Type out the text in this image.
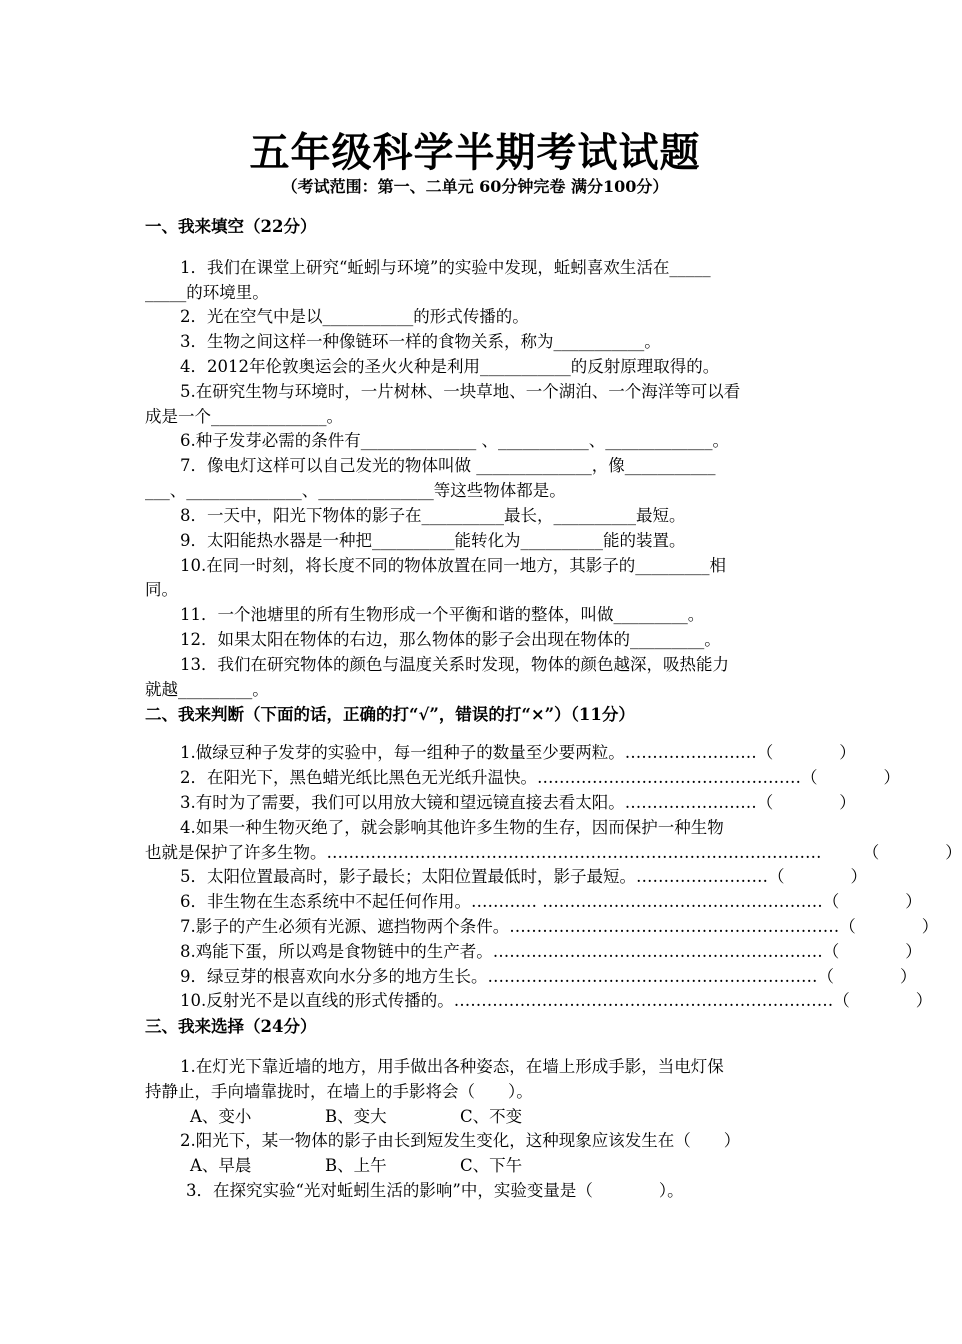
五年级科学半期考试试题
（考试范围：第一、二单元 60分钟完卷 满分100分）
一、我来填空（22分）
1．我们在课堂上研究“蚯蚓与环境”的实验中发现，蚯蚓喜欢生活在_____
_____的环境里。
2．光在空气中是以___________的形式传播的。
3．生物之间这样一种像链环一样的食物关系，称为___________。
4．2012年伦敦奥运会的圣火火种是利用___________的反射原理取得的。
5.在研究生物与环境时，一片树林、一块草地、一个湖泊、一个海洋等可以看
成是一个______________。
6.种子发芽必需的条件有______________ 、___________、_____________。
7．像电灯这样可以自己发光的物体叫做 ______________，像___________
___、______________、______________等这些物体都是。
8．一天中，阳光下物体的影子在__________最长，__________最短。
9．太阳能热水器是一种把__________能转化为__________能的装置。
10.在同一时刻，将长度不同的物体放置在同一地方，其影子的_________相
同。
11．一个池塘里的所有生物形成一个平衡和谐的整体，叫做_________。
12．如果太阳在物体的右边，那么物体的影子会出现在物体的_________。
13．我们在研究物体的颜色与温度关系时发现，物体的颜色越深，吸热能力
就越_________。
二、我来判断（下面的话，正确的打“√”，错误的打“×”）（11分）
1.做绿豆种子发芽的实验中，每一组种子的数量至少要两粒。 …………………… （　　　　）
2．在阳光下，黑色蜡光纸比黑色无光纸升温快。 ………………………………………… （　　　　）
3.有时为了需要，我们可以用放大镜和望远镜直接去看太阳。 …………………… （　　　　）
4.如果一种生物灭绝了，就会影响其他许多生物的生存，因而保护一种生物
也就是保护了许多生物。 ……………………………………………………………………………… 　　　（　　　　）
5．太阳位置最高时，影子最长；太阳位置最低时，影子最短。 …………………… （　　　　）
6．非生物在生态系统中不起任何作用。 ………… …………………………………………… （　　　　）
7.影子的产生必须有光源、遮挡物两个条件。 …………………………………………………… （　　　　）
8.鸡能下蛋，所以鸡是食物链中的生产者。 …………………………………………………… （　　　　）
9．绿豆芽的根喜欢向水分多的地方生长。 …………………………………………………… （　　　　）
10.反射光不是以直线的形式传播的。 …………………………………………………………… （　　　　）
三、我来选择（24分）
1.在灯光下靠近墙的地方，用手做出各种姿态，在墙上形成手影，当电灯保
持静止，手向墙靠拢时，在墙上的手影将会（　　）。
A、变小	B、变大	C、不变
2.阳光下，某一物体的影子由长到短发生变化，这种现象应该发生在（　　）
A、早晨	B、上午	C、下午
3．在探究实验“光对蚯蚓生活的影响”中，实验变量是（　　　　）。
